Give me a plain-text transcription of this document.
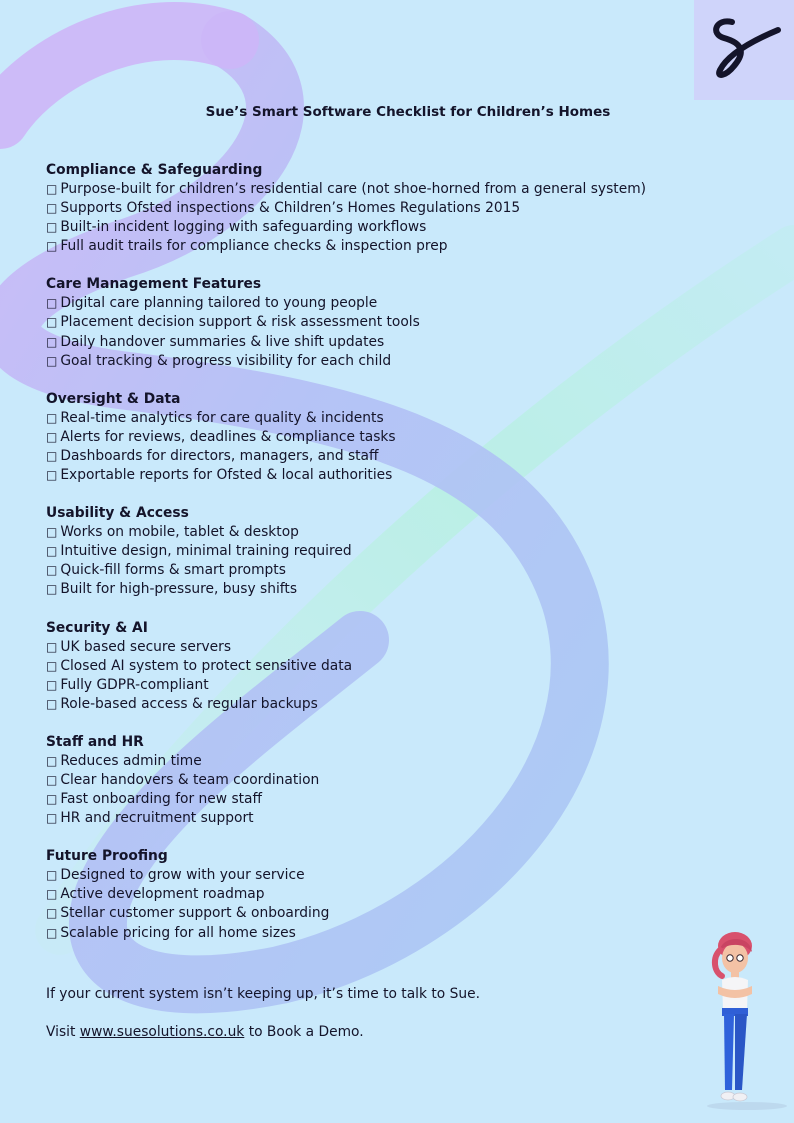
Sue’s Smart Software Checklist for Children’s Homes
Compliance & Safeguarding
□ Purpose-built for children’s residential care (not shoe-horned from a general system)
□ Supports Ofsted inspections & Children’s Homes Regulations 2015
□ Built-in incident logging with safeguarding workflows
□ Full audit trails for compliance checks & inspection prep
Care Management Features
□ Digital care planning tailored to young people
□ Placement decision support & risk assessment tools
□ Daily handover summaries & live shift updates
□ Goal tracking & progress visibility for each child
Oversight & Data
□ Real-time analytics for care quality & incidents
□ Alerts for reviews, deadlines & compliance tasks
□ Dashboards for directors, managers, and staff
□ Exportable reports for Ofsted & local authorities
Usability & Access
□ Works on mobile, tablet & desktop
□ Intuitive design, minimal training required
□ Quick-fill forms & smart prompts
□ Built for high-pressure, busy shifts
Security & AI
□ UK based secure servers
□ Closed AI system to protect sensitive data
□ Fully GDPR-compliant
□ Role-based access & regular backups
Staff and HR
□ Reduces admin time
□ Clear handovers & team coordination
□ Fast onboarding for new staff
□ HR and recruitment support
Future Proofing
□ Designed to grow with your service
□ Active development roadmap
□ Stellar customer support & onboarding
□ Scalable pricing for all home sizes

If your current system isn’t keeping up, it’s time to talk to Sue.

Visit www.suesolutions.co.uk to Book a Demo.
